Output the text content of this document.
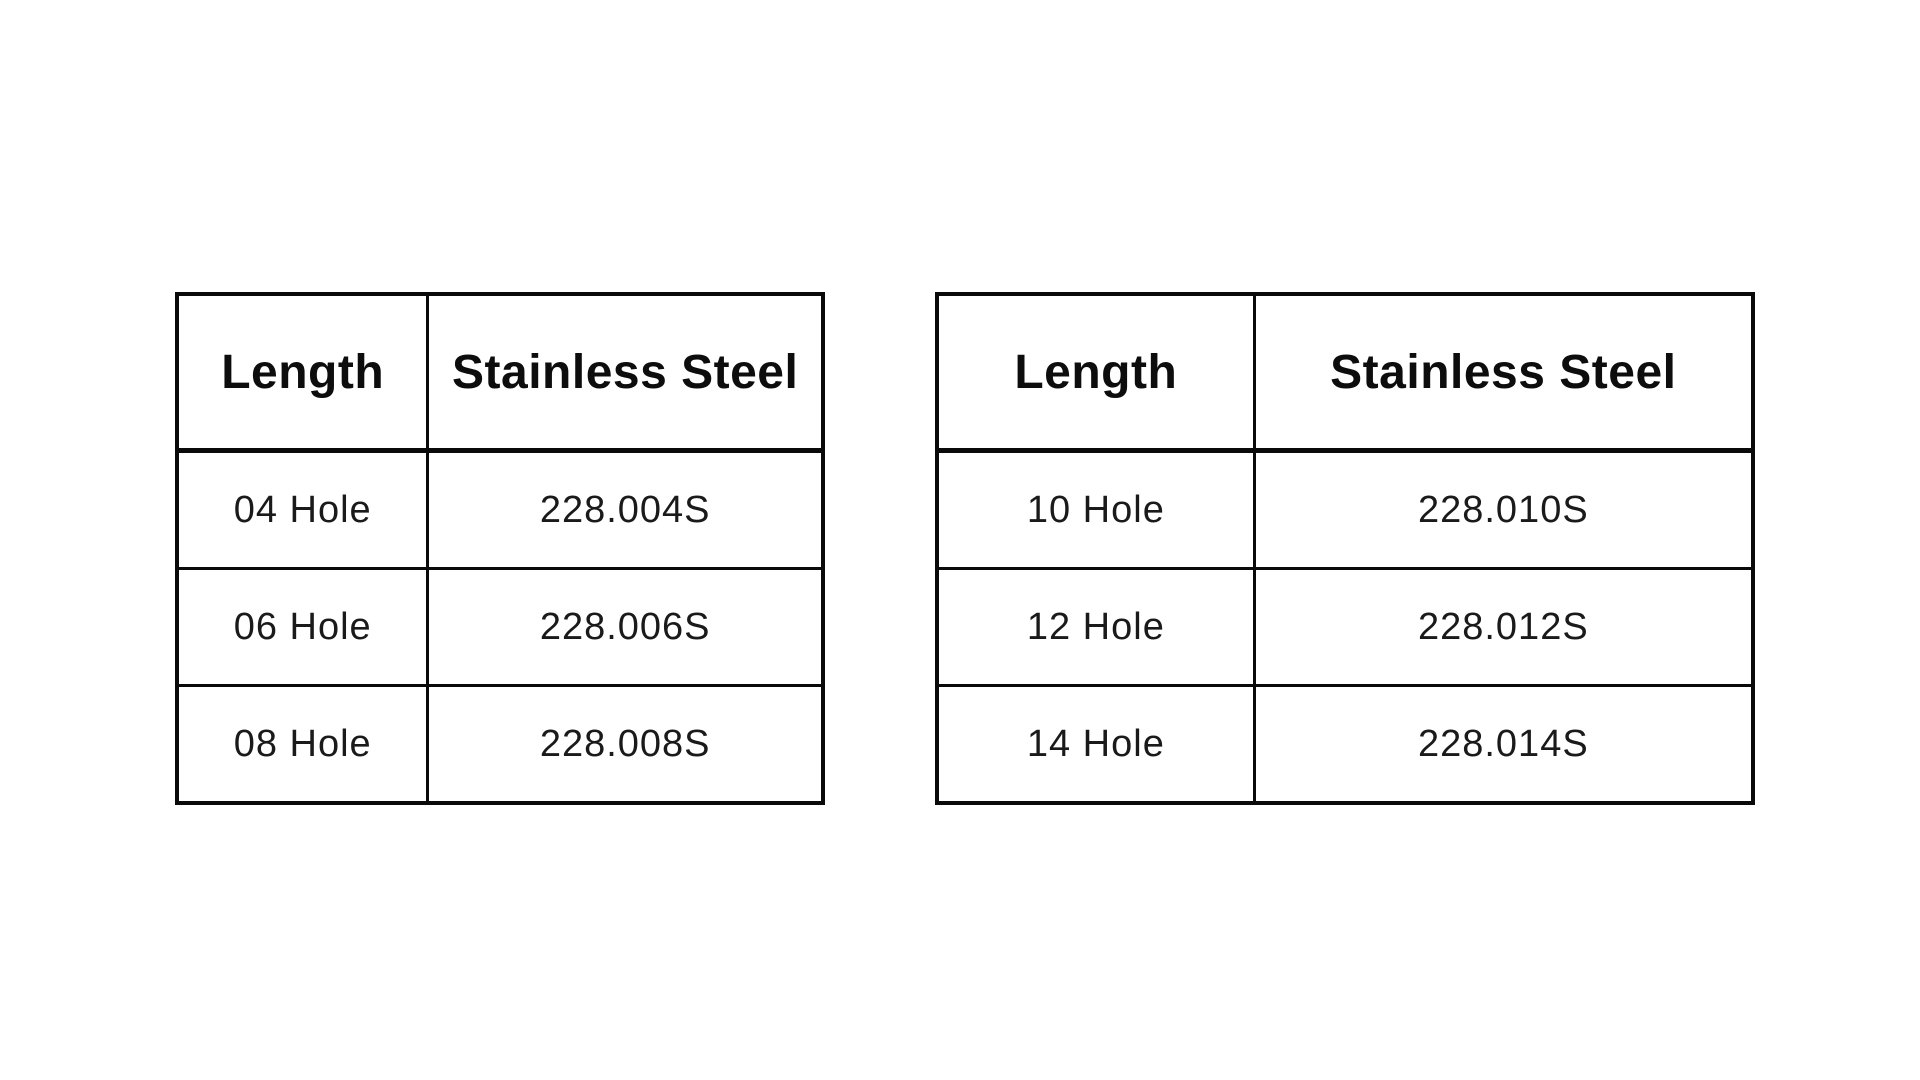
Length	Stainless Steel
04 Hole	228.004S
06 Hole	228.006S
08 Hole	228.008S
Length	Stainless Steel
10 Hole	228.010S
12 Hole	228.012S
14 Hole	228.014S
